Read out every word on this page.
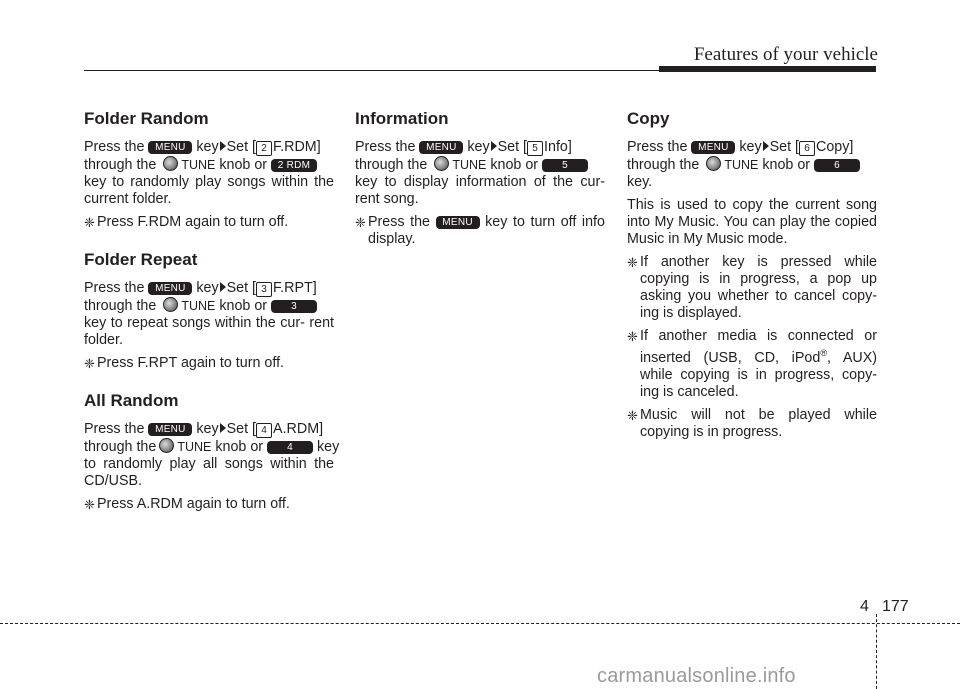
Features of your vehicle
Folder Random

Press the MENU key Set [ 2 F.RDM]
through the TUNE knob or 2 RDM
key to randomly play songs within the current folder.

❈ Press F.RDM again to turn off.
Folder Repeat

Press the MENU key Set [ 3 F.RPT]
through the TUNE knob or 3
key to repeat songs within the cur- rent folder.

❈ Press F.RPT again to turn off.
All Random

Press the MENU key Set [ 4 A.RDM]
through the TUNE knob or 4 key
to randomly play all songs within the CD/USB.

❈ Press A.RDM again to turn off.
Information

Press the MENU key Set [ 5 Info]
through the TUNE knob or 5
key to display information of the cur- rent song.

❈ Press the MENU key to turn off info display.
Copy

Press the MENU key Set [ 6 Copy]
through the TUNE knob or 6
key.

This is used to copy the current song into My Music. You can play the copied Music in My Music mode.

❈ If another key is pressed while copying is in progress, a pop up asking you whether to cancel copy- ing is displayed.
❈ If another media is connected or inserted (USB, CD, iPod®, AUX) while copying is in progress, copy- ing is canceled.
❈ Music will not be played while copying is in progress.
4 177
carmanualsonline.info
